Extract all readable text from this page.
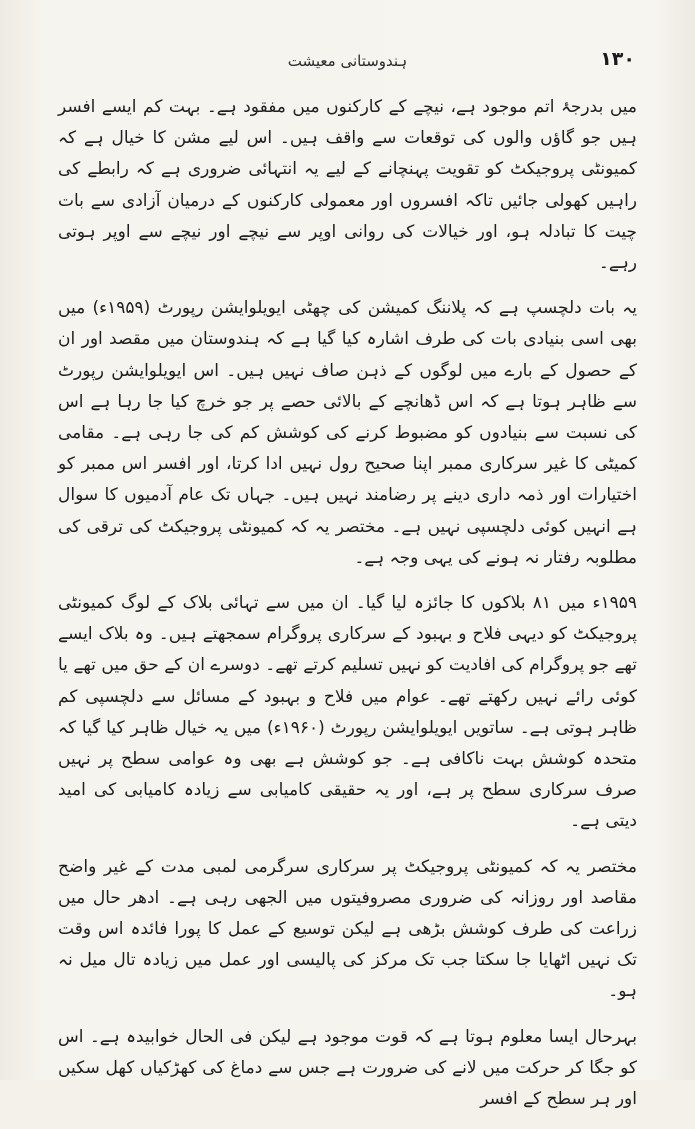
ہندوستانی معیشت	۱۳۰

میں بدرجۂ اتم موجود ہے، نیچے کے کارکنوں میں مفقود ہے۔ بہت کم ایسے افسر ہیں جو گاؤں والوں کی توقعات سے واقف ہیں۔ اس لیے مشن کا خیال ہے کہ کمیونٹی پروجیکٹ کو تقویت پہنچانے کے لیے یہ انتہائی ضروری ہے کہ رابطے کی راہیں کھولی جائیں تاکہ افسروں اور معمولی کارکنوں کے درمیان آزادی سے بات چیت کا تبادلہ ہو، اور خیالات کی روانی اوپر سے نیچے اور نیچے سے اوپر ہوتی رہے۔

یہ بات دلچسپ ہے کہ پلاننگ کمیشن کی چھٹی ایویلوایشن رپورٹ (۱۹۵۹ء) میں بھی اسی بنیادی بات کی طرف اشارہ کیا گیا ہے کہ ہندوستان میں مقصد اور ان کے حصول کے بارے میں لوگوں کے ذہن صاف نہیں ہیں۔ اس ایویلوایشن رپورٹ سے ظاہر ہوتا ہے کہ اس ڈھانچے کے بالائی حصے پر جو خرچ کیا جا رہا ہے اس کی نسبت سے بنیادوں کو مضبوط کرنے کی کوشش کم کی جا رہی ہے۔ مقامی کمیٹی کا غیر سرکاری ممبر اپنا صحیح رول نہیں ادا کرتا، اور افسر اس ممبر کو اختیارات اور ذمہ داری دینے پر رضامند نہیں ہیں۔ جہاں تک عام آدمیوں کا سوال ہے انہیں کوئی دلچسپی نہیں ہے۔ مختصر یہ کہ کمیونٹی پروجیکٹ کی ترقی کی مطلوبہ رفتار نہ ہونے کی یہی وجہ ہے۔

۱۹۵۹ء میں ۸۱ بلاکوں کا جائزہ لیا گیا۔ ان میں سے تہائی بلاک کے لوگ کمیونٹی پروجیکٹ کو دیہی فلاح و بہبود کے سرکاری پروگرام سمجھتے ہیں۔ وہ بلاک ایسے تھے جو پروگرام کی افادیت کو نہیں تسلیم کرتے تھے۔ دوسرے ان کے حق میں تھے یا کوئی رائے نہیں رکھتے تھے۔ عوام میں فلاح و بہبود کے مسائل سے دلچسپی کم ظاہر ہوتی ہے۔ ساتویں ایویلوایشن رپورٹ (۱۹۶۰ء) میں یہ خیال ظاہر کیا گیا کہ متحدہ کوشش بہت ناکافی ہے۔ جو کوشش ہے بھی وہ عوامی سطح پر نہیں صرف سرکاری سطح پر ہے، اور یہ حقیقی کامیابی سے زیادہ کامیابی کی امید دیتی ہے۔

مختصر یہ کہ کمیونٹی پروجیکٹ پر سرکاری سرگرمی لمبی مدت کے غیر واضح مقاصد اور روزانہ کی ضروری مصروفیتوں میں الجھی رہی ہے۔ ادھر حال میں زراعت کی طرف کوشش بڑھی ہے لیکن توسیع کے عمل کا پورا فائدہ اس وقت تک نہیں اٹھایا جا سکتا جب تک مرکز کی پالیسی اور عمل میں زیادہ تال میل نہ ہو۔

بہرحال ایسا معلوم ہوتا ہے کہ قوت موجود ہے لیکن فی الحال خوابیدہ ہے۔ اس کو جگا کر حرکت میں لانے کی ضرورت ہے جس سے دماغ کی کھڑکیاں کھل سکیں اور ہر سطح کے افسر
